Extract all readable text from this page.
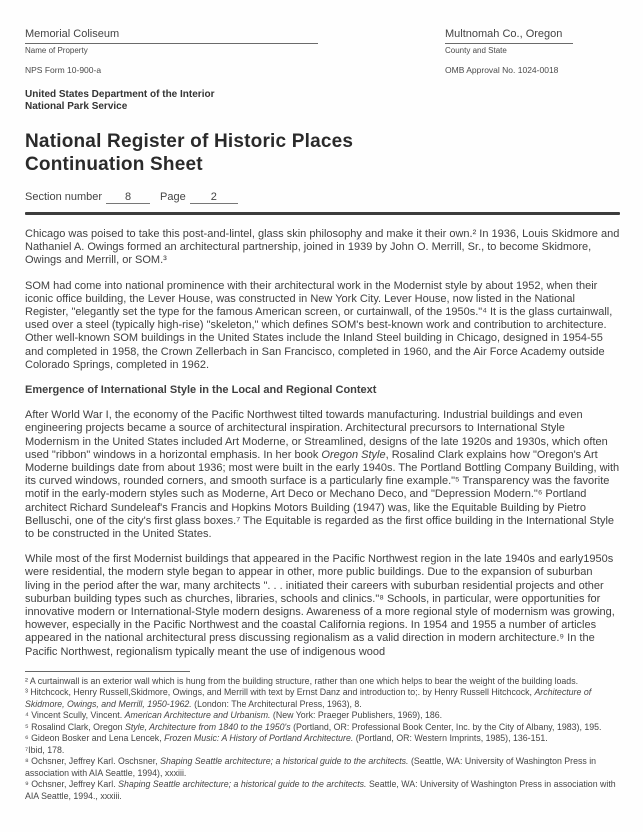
Memorial Coliseum
Name of Property
Multnomah Co., Oregon
County and State
NPS Form 10-900-a	OMB Approval No. 1024-0018
United States Department of the Interior
National Park Service
National Register of Historic Places
Continuation Sheet
Section number 8	Page 2

Chicago was poised to take this post-and-lintel, glass skin philosophy and make it their own.² In 1936, Louis Skidmore and Nathaniel A. Owings formed an architectural partnership, joined in 1939 by John O. Merrill, Sr., to become Skidmore, Owings and Merrill, or SOM.³

SOM had come into national prominence with their architectural work in the Modernist style by about 1952, when their iconic office building, the Lever House, was constructed in New York City. Lever House, now listed in the National Register, "elegantly set the type for the famous American screen, or curtainwall, of the 1950s."⁴ It is the glass curtainwall, used over a steel (typically high-rise) "skeleton," which defines SOM's best-known work and contribution to architecture. Other well-known SOM buildings in the United States include the Inland Steel building in Chicago, designed in 1954-55 and completed in 1958, the Crown Zellerbach in San Francisco, completed in 1960, and the Air Force Academy outside Colorado Springs, completed in 1962.

Emergence of International Style in the Local and Regional Context

After World War I, the economy of the Pacific Northwest tilted towards manufacturing. Industrial buildings and even engineering projects became a source of architectural inspiration. Architectural precursors to International Style Modernism in the United States included Art Moderne, or Streamlined, designs of the late 1920s and 1930s, which often used "ribbon" windows in a horizontal emphasis. In her book Oregon Style, Rosalind Clark explains how "Oregon's Art Moderne buildings date from about 1936; most were built in the early 1940s. The Portland Bottling Company Building, with its curved windows, rounded corners, and smooth surface is a particularly fine example."⁵ Transparency was the favorite motif in the early-modern styles such as Moderne, Art Deco or Mechano Deco, and "Depression Modern."⁶ Portland architect Richard Sundeleaf's Francis and Hopkins Motors Building (1947) was, like the Equitable Building by Pietro Belluschi, one of the city's first glass boxes.⁷ The Equitable is regarded as the first office building in the International Style to be constructed in the United States.

While most of the first Modernist buildings that appeared in the Pacific Northwest region in the late 1940s and early1950s were residential, the modern style began to appear in other, more public buildings. Due to the expansion of suburban living in the period after the war, many architects ". . . initiated their careers with suburban residential projects and other suburban building types such as churches, libraries, schools and clinics."⁸ Schools, in particular, were opportunities for innovative modern or International-Style modern designs. Awareness of a more regional style of modernism was growing, however, especially in the Pacific Northwest and the coastal California regions. In 1954 and 1955 a number of articles appeared in the national architectural press discussing regionalism as a valid direction in modern architecture.⁹ In the Pacific Northwest, regionalism typically meant the use of indigenous wood

² A curtainwall is an exterior wall which is hung from the building structure, rather than one which helps to bear the weight of the building loads.
³ Hitchcock, Henry Russell,Skidmore, Owings, and Merrill with text by Ernst Danz and introduction to;. by Henry Russell Hitchcock, Architecture of Skidmore, Owings, and Merrill, 1950-1962. (London: The Architectural Press, 1963), 8.
⁴ Vincent Scully, Vincent. American Architecture and Urbanism. (New York: Praeger Publishers, 1969), 186.
⁵ Rosalind Clark, Oregon Style, Architecture from 1840 to the 1950's (Portland, OR: Professional Book Center, Inc. by the City of Albany, 1983), 195.
⁶ Gideon Bosker and Lena Lencek, Frozen Music: A History of Portland Architecture. (Portland, OR: Western Imprints, 1985), 136-151.
⁷Ibid, 178.
⁸ Ochsner, Jeffrey Karl. Oschsner, Shaping Seattle architecture; a historical guide to the architects. (Seattle, WA: University of Washington Press in association with AIA Seattle, 1994), xxxiii.
⁹ Ochsner, Jeffrey Karl. Shaping Seattle architecture; a historical guide to the architects. Seattle, WA: University of Washington Press in association with AIA Seattle, 1994., xxxiii.
